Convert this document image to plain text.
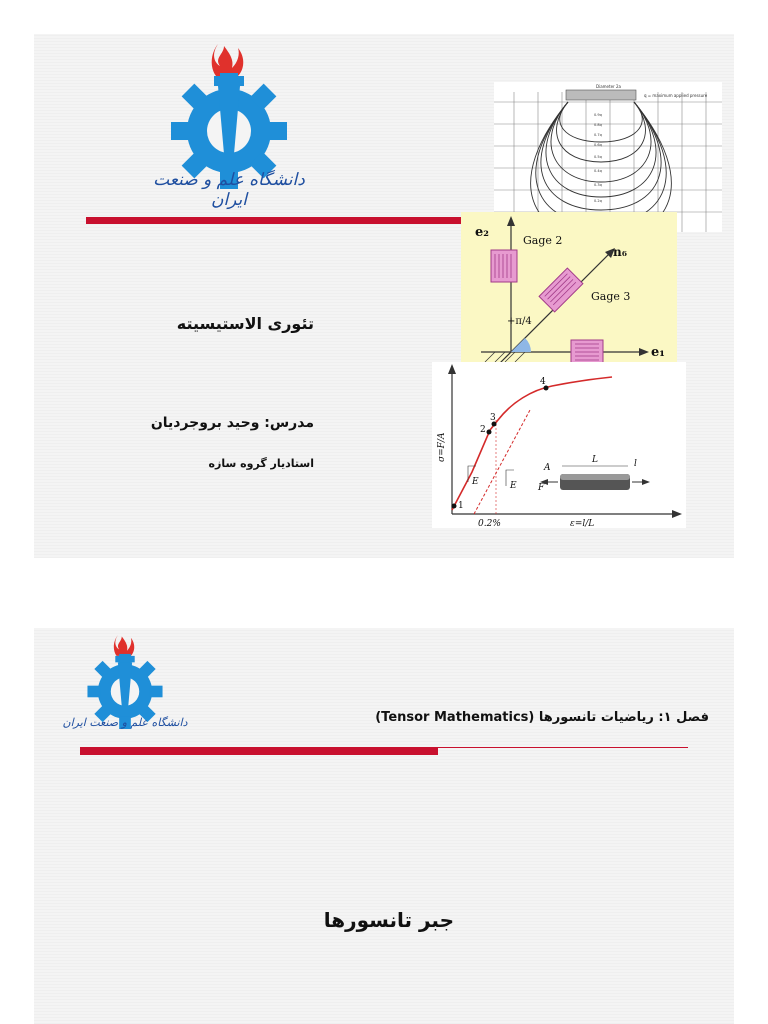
دانشگاه علم و صنعت ایران
تئوری الاستیسیته
مدرس: وحید بروجردیان
استادیار گروه سازه
Diameter 2a
q = maximum applied pressure
0.9q
0.8q
0.7q
0.6q
0.5q
0.4q
0.3q
0.2q
e₂
Gage 2
n₆
Gage 3
+π/4
e₁
σ=F/A
ε=l/L
0.2%
1
2
3
4
E	E
A
F
L	l
دانشگاه علم و صنعت ایران	فصل ۱: ریاضیات تانسورها (Tensor Mathematics)
جبر تانسورها
